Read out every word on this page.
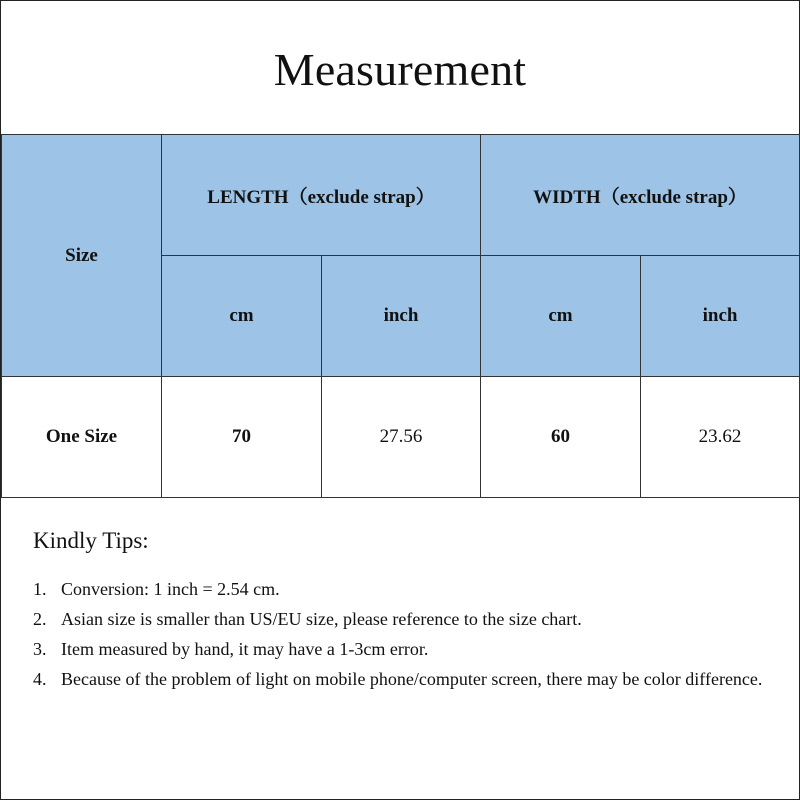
Measurement
Size	LENGTH（exclude strap）		WIDTH（exclude strap）	
	cm	inch	cm	inch
One Size	70	27.56	60	23.62
Kindly Tips:
1. Conversion: 1 inch = 2.54 cm.
2. Asian size is smaller than US/EU size, please reference to the size chart.
3. Item measured by hand, it may have a 1-3cm error.
4. Because of the problem of light on mobile phone/computer screen, there may be color difference.
